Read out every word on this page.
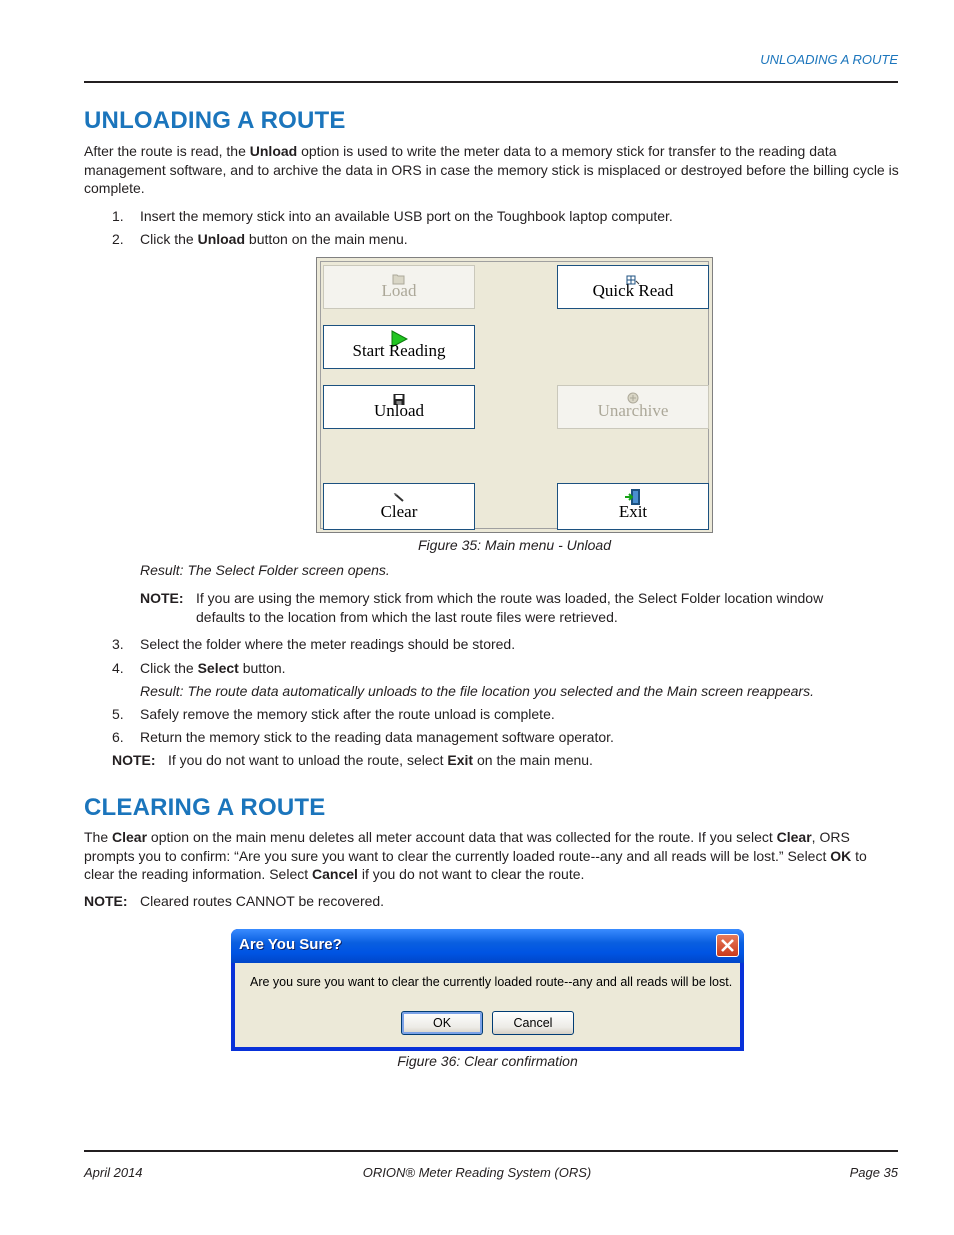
UNLOADING A ROUTE
UNLOADING A ROUTE

After the route is read, the Unload option is used to write the meter data to a memory stick for transfer to the reading data management software, and to archive the data in ORS in case the memory stick is misplaced or destroyed before the billing cycle is complete.

1. Insert the memory stick into an available USB port on the Toughbook laptop computer.
2. Click the Unload button on the main menu.
Load	Quick Read
Start Reading
Unload	Unarchive
Clear	Exit
Figure 35: Main menu - Unload
Result: The Select Folder screen opens.
NOTE: If you are using the memory stick from which the route was loaded, the Select Folder location window defaults to the location from which the last route files were retrieved.
3. Select the folder where the meter readings should be stored.
4. Click the Select button.
Result: The route data automatically unloads to the file location you selected and the Main screen reappears.
5. Safely remove the memory stick after the route unload is complete.
6. Return the memory stick to the reading data management software operator.
NOTE: If you do not want to unload the route, select Exit on the main menu.
CLEARING A ROUTE

The Clear option on the main menu deletes all meter account data that was collected for the route. If you select Clear, ORS prompts you to confirm: “Are you sure you want to clear the currently loaded route--any and all reads will be lost.” Select OK to clear the reading information. Select Cancel if you do not want to clear the route.

NOTE: Cleared routes CANNOT be recovered.
Are You Sure?
Are you sure you want to clear the currently loaded route--any and all reads will be lost.
OK	Cancel
Figure 36: Clear confirmation
April 2014	ORION® Meter Reading System (ORS)	Page 35
